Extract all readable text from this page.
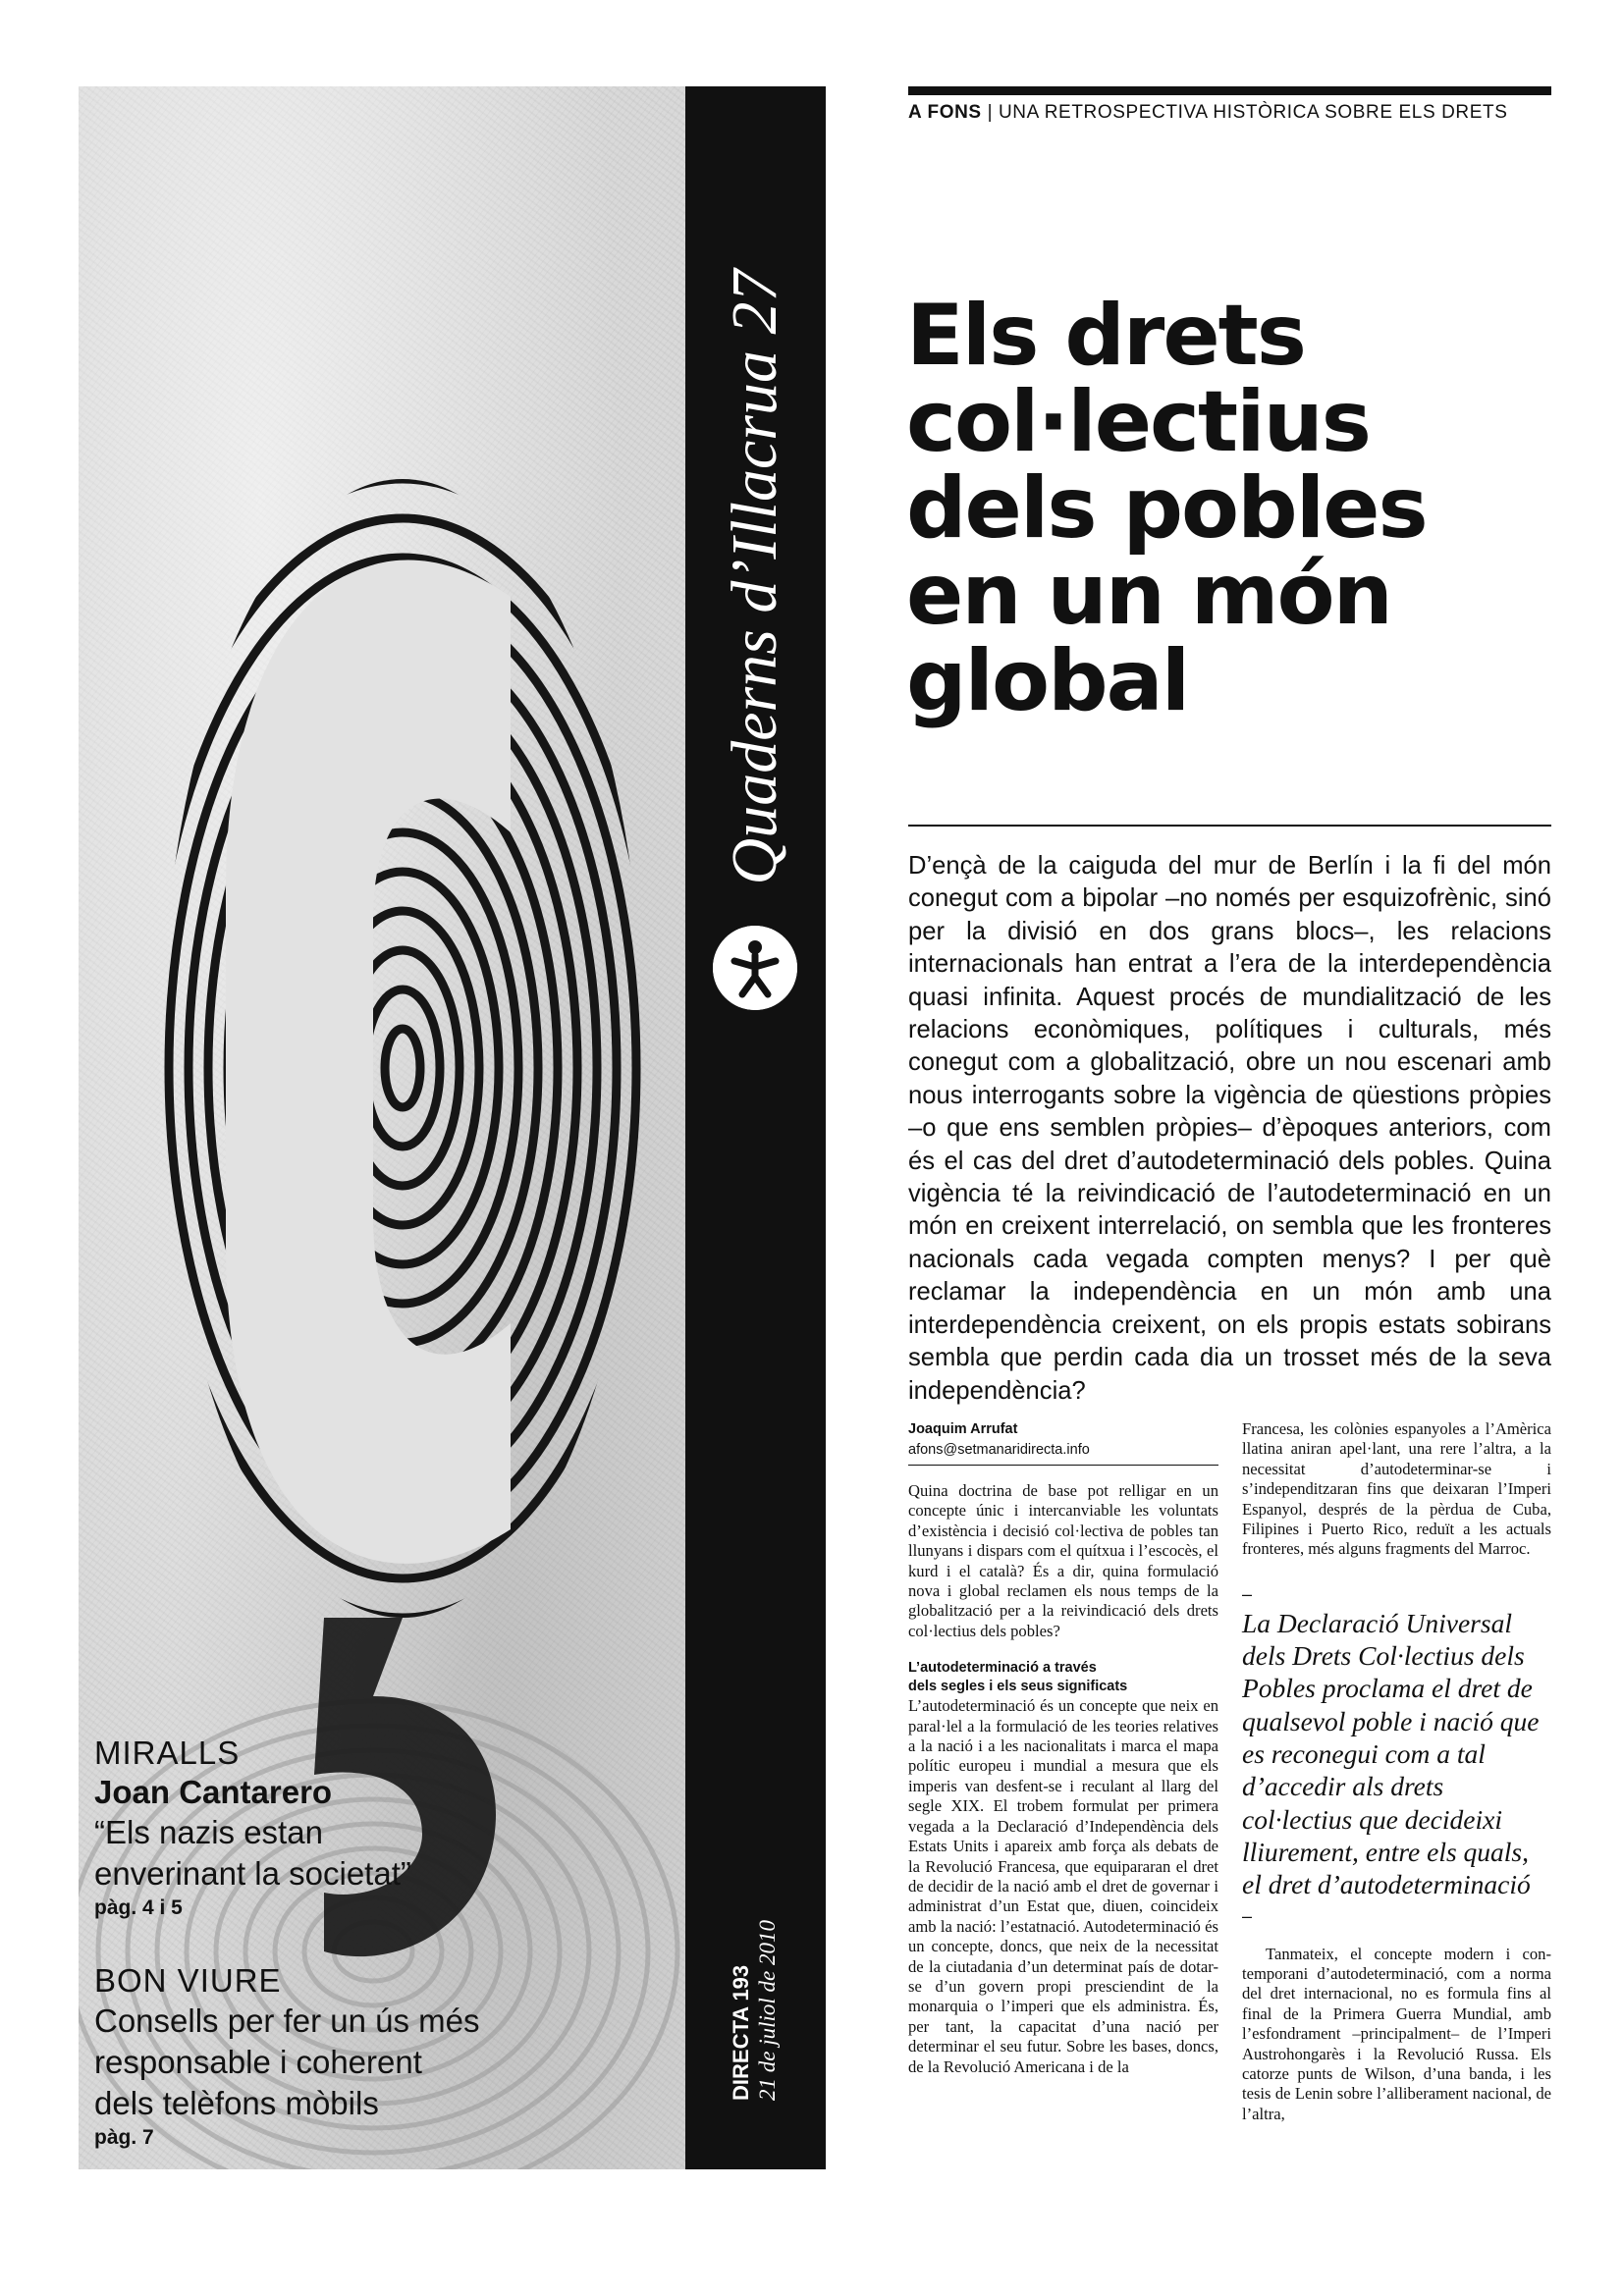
MIRALLS
Joan Cantarero
“Els nazis estan
enverinant la societat”
pàg. 4 i 5
BON VIURE
Consells per fer un ús més
responsable i coherent
dels telèfons mòbils
pàg. 7
Quaderns d’Illacrua 27
DIRECTA 193 21 de juliol de 2010
A FONS | UNA RETROSPECTIVA HISTÒRICA SOBRE ELS DRETS
Els drets
col·lectius
dels pobles
en un món
global

D’ençà de la caiguda del mur de Berlín i la fi del món conegut com a bipolar –no només per esquizofrènic, sinó per la divisió en dos grans blocs–, les relacions internacionals han entrat a l’era de la interdependència quasi infinita. Aquest procés de mundialització de les relacions econòmiques, polítiques i culturals, més conegut com a globalització, obre un nou escenari amb nous interrogants sobre la vigència de qüestions pròpies –o que ens semblen pròpies– d’èpoques anteriors, com és el cas del dret d’autodeterminació dels pobles. Quina vigència té la reivindicació de l’autodeterminació en un món en creixent interrelació, on sembla que les fronteres nacionals cada vegada compten menys? I per què reclamar la independència en un món amb una interdependència creixent, on els propis estats sobirans sembla que perdin cada dia un trosset més de la seva independència?

Joaquim Arrufat
afons@setmanaridirecta.info

Quina doctrina de base pot relligar en un concepte únic i intercanviable les voluntats d’existència i decisió col·lectiva de pobles tan llunyans i dispars com el quítxua i l’escocès, el kurd i el català? És a dir, quina formulació nova i global reclamen els nous temps de la globalització per a la reivindicació dels drets col·lectius dels pobles?

L’autodeterminació a través
dels segles i els seus significats

L’autodeterminació és un concepte que neix en paral·lel a la formulació de les teories relatives a la nació i a les nacionalitats i marca el mapa polític europeu i mundial a mesura que els imperis van desfent-se i reculant al llarg del segle XIX. El trobem formulat per primera vegada a la Declaració d’Independència dels Estats Units i apareix amb força als debats de la Revolució Francesa, que equipararan el dret de decidir de la nació amb el dret de governar i administrat d’un Estat que, diuen, coincideix amb la nació: l’estatnació. Autodeterminació és un concepte, doncs, que neix de la necessitat de la ciutadania d’un determinat país de dotar-se d’un govern propi presciendint de la monarquia o l’imperi que els administra. És, per tant, la capacitat d’una nació per determinar el seu futur. Sobre les bases, doncs, de la Revolució Americana i de la

Francesa, les colònies espanyoles a l’Amèrica llatina aniran apel·lant, una rere l’altra, a la necessitat d’autodeterminar-se i s’independitzaran fins que deixaran l’Imperi Espanyol, després de la pèrdua de Cuba, Filipines i Puerto Rico, reduït a les actuals fronteres, més alguns fragments del Marroc.

–

La Declaració Universal dels Drets Col·lectius dels Pobles proclama el dret de qualsevol poble i nació que es reconegui com a tal d’accedir als drets col·lectius que decideixi lliurement, entre els quals, el dret d’autodeterminació

–

Tanmateix, el concepte modern i contemporani d’autodeterminació, com a norma del dret internacional, no es formula fins al final de la Primera Guerra Mundial, amb l’esfondrament –principalment– de l’Imperi Austrohongarès i la Revolució Russa. Els catorze punts de Wilson, d’una banda, i les tesis de Lenin sobre l’alliberament nacional, de l’altra,
